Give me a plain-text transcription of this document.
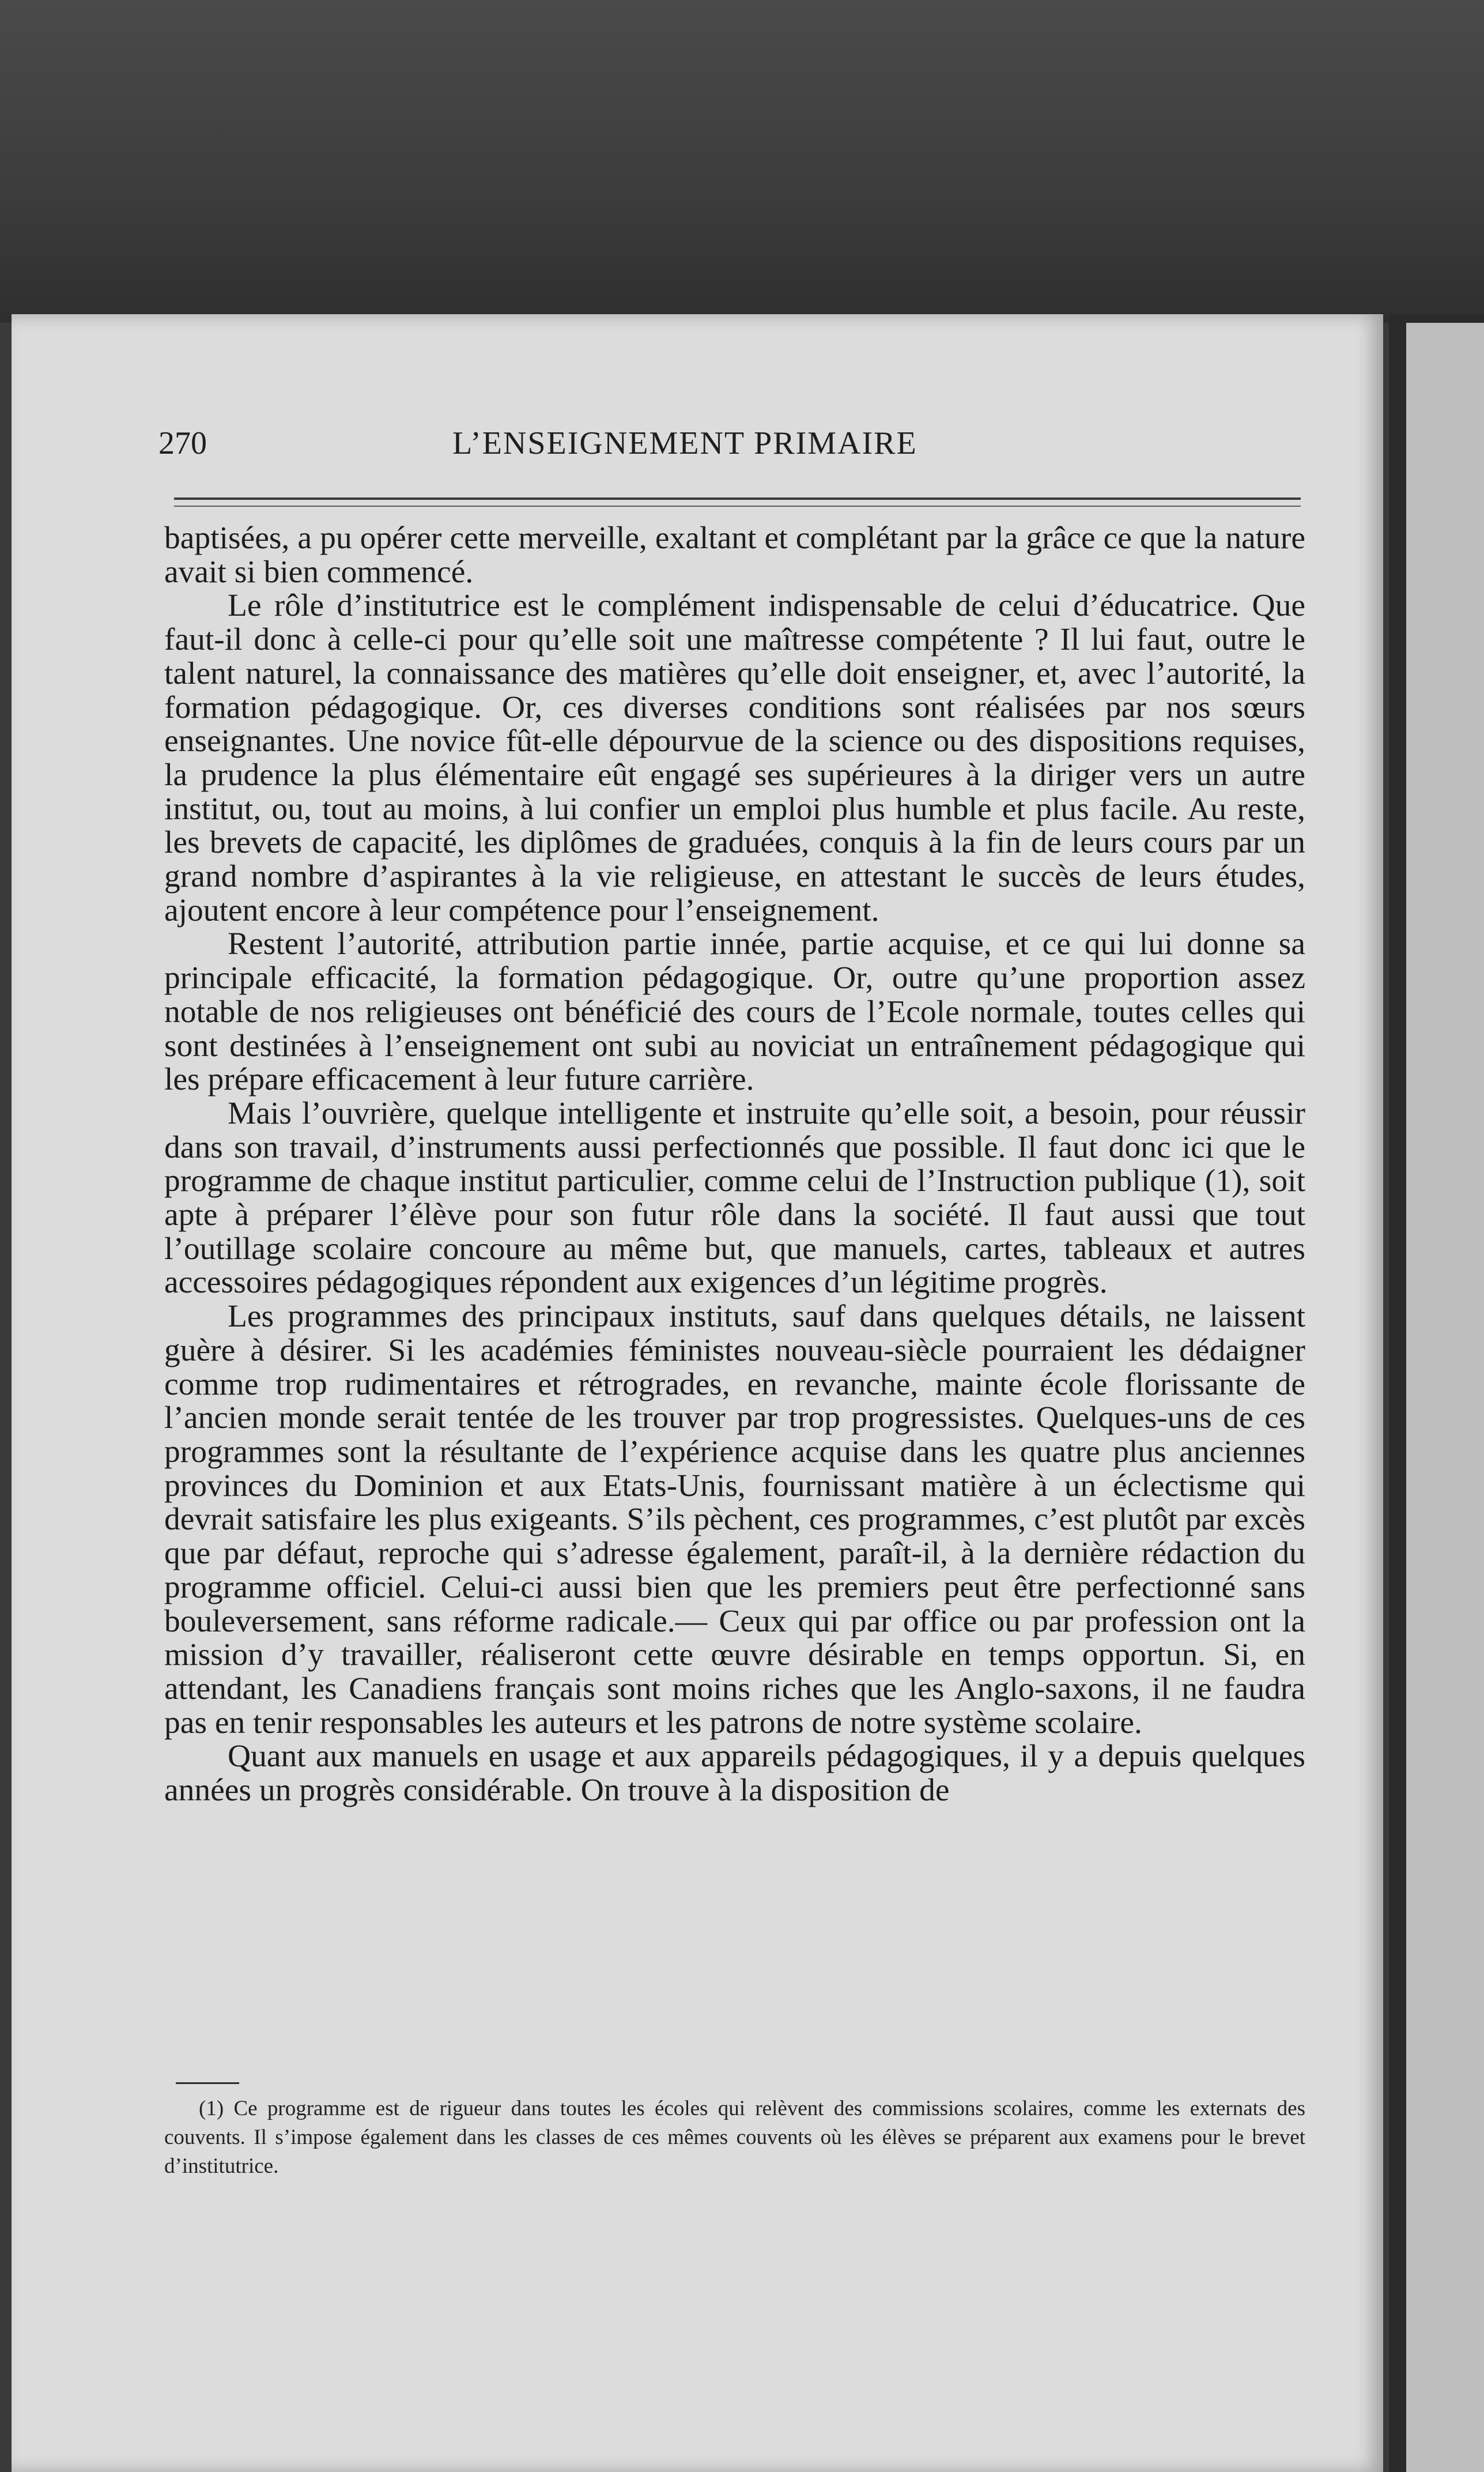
270	L’ENSEIGNEMENT PRIMAIRE

baptisées, a pu opérer cette merveille, exaltant et complétant par la grâce ce que la nature avait si bien commencé.

Le rôle d’institutrice est le complément indispensable de celui d’éducatrice. Que faut-il donc à celle-ci pour qu’elle soit une maîtresse compétente ? Il lui faut, outre le talent naturel, la connaissance des matières qu’elle doit enseigner, et, avec l’autorité, la formation pédagogique. Or, ces diverses conditions sont réalisées par nos sœurs enseignantes. Une novice fût-elle dépourvue de la science ou des dispositions requises, la prudence la plus élémentaire eût engagé ses supérieures à la diriger vers un autre institut, ou, tout au moins, à lui confier un emploi plus humble et plus facile. Au reste, les brevets de capacité, les diplômes de graduées, conquis à la fin de leurs cours par un grand nombre d’aspirantes à la vie religieuse, en attestant le succès de leurs études, ajoutent encore à leur compétence pour l’enseignement.

Restent l’autorité, attribution partie innée, partie acquise, et ce qui lui donne sa principale efficacité, la formation pédagogique. Or, outre qu’une proportion assez notable de nos religieuses ont bénéficié des cours de l’Ecole normale, toutes celles qui sont destinées à l’enseignement ont subi au noviciat un entraînement pédagogique qui les prépare efficacement à leur future carrière.

Mais l’ouvrière, quelque intelligente et instruite qu’elle soit, a besoin, pour réussir dans son travail, d’instruments aussi perfectionnés que possible. Il faut donc ici que le programme de chaque institut particulier, comme celui de l’Instruction publique (1), soit apte à préparer l’élève pour son futur rôle dans la société. Il faut aussi que tout l’outillage scolaire concoure au même but, que manuels, cartes, tableaux et autres accessoires pédagogiques répondent aux exigences d’un légitime progrès.

Les programmes des principaux instituts, sauf dans quelques détails, ne laissent guère à désirer. Si les académies féministes nouveau-siècle pourraient les dédaigner comme trop rudimentaires et rétrogrades, en revanche, mainte école florissante de l’ancien monde serait tentée de les trouver par trop progressistes. Quelques-uns de ces programmes sont la résultante de l’expérience acquise dans les quatre plus anciennes provinces du Dominion et aux Etats-Unis, fournissant matière à un éclectisme qui devrait satisfaire les plus exigeants. S’ils pèchent, ces programmes, c’est plutôt par excès que par défaut, reproche qui s’adresse également, paraît-il, à la dernière rédaction du programme officiel. Celui-ci aussi bien que les premiers peut être perfectionné sans bouleversement, sans réforme radicale.— Ceux qui par office ou par profession ont la mission d’y travailler, réaliseront cette œuvre désirable en temps opportun. Si, en attendant, les Canadiens français sont moins riches que les Anglo-saxons, il ne faudra pas en tenir responsables les auteurs et les patrons de notre système scolaire.

Quant aux manuels en usage et aux appareils pédagogiques, il y a depuis quelques années un progrès considérable. On trouve à la disposition de

(1) Ce programme est de rigueur dans toutes les écoles qui relèvent des commissions scolaires, comme les externats des couvents. Il s’impose également dans les classes de ces mêmes couvents où les élèves se préparent aux examens pour le brevet d’institutrice.
